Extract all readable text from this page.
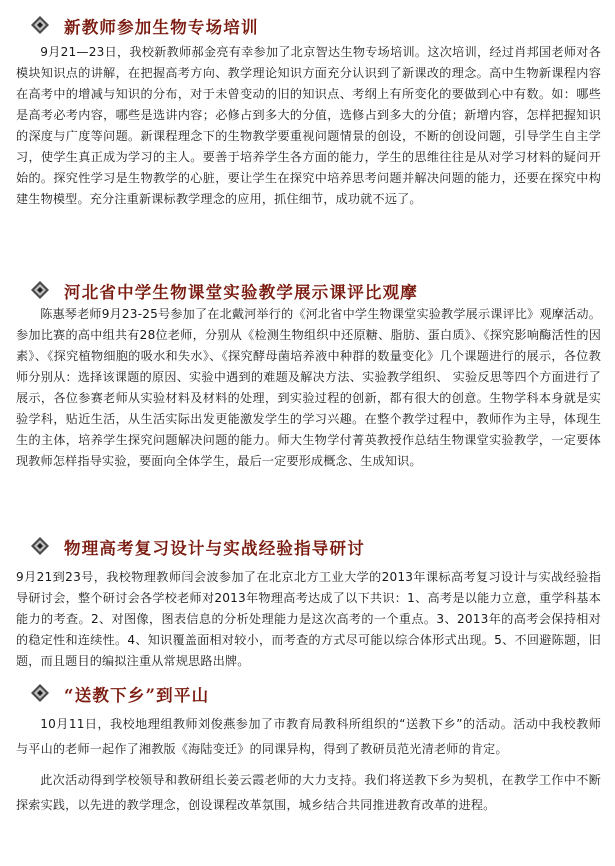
新教师参加生物专场培训

9月21—23日，我校新教师郝金亮有幸参加了北京智达生物专场培训。这次培训，经过肖邦国老师对各模块知识点的讲解，在把握高考方向、教学理论知识方面充分认识到了新课改的理念。高中生物新课程内容在高考中的增减与知识的分布，对于未曾变动的旧的知识点、考纲上有所变化的要做到心中有数。如：哪些是高考必考内容，哪些是选讲内容；必修占到多大的分值，选修占到多大的分值；新增内容，怎样把握知识的深度与广度等问题。新课程理念下的生物教学要重视问题情景的创设，不断的创设问题，引导学生自主学习，使学生真正成为学习的主人。要善于培养学生各方面的能力，学生的思维往往是从对学习材料的疑问开始的。探究性学习是生物教学的心脏，要让学生在探究中培养思考问题并解决问题的能力，还要在探究中构建生物模型。充分注重新课标教学理念的应用，抓住细节，成功就不远了。

河北省中学生物课堂实验教学展示课评比观摩

陈惠琴老师9月23-25号参加了在北戴河举行的《河北省中学生物课堂实验教学展示课评比》观摩活动。参加比赛的高中组共有28位老师，分别从《检测生物组织中还原糖、脂肪、蛋白质》、《探究影响酶活性的因素》、《探究植物细胞的吸水和失水》、《探究酵母菌培养液中种群的数量变化》几个课题进行的展示，各位教师分别从：选择该课题的原因、实验中遇到的难题及解决方法、实验教学组织、 实验反思等四个方面进行了展示，各位参赛老师从实验材料及材料的处理，到实验过程的创新，都有很大的创意。生物学科本身就是实验学科，贴近生活，从生活实际出发更能激发学生的学习兴趣。在整个教学过程中，教师作为主导，体现生生的主体，培养学生探究问题解决问题的能力。师大生物学付菁英教授作总结生物课堂实验教学，一定要体现教师怎样指导实验，要面向全体学生，最后一定要形成概念、生成知识。

物理高考复习设计与实战经验指导研讨

9月21到23号，我校物理教师闫会波参加了在北京北方工业大学的2013年课标高考复习设计与实战经验指导研讨会，整个研讨会各学校老师对2013年物理高考达成了以下共识：1、高考是以能力立意，重学科基本能力的考查。2、对图像，图表信息的分析处理能力是这次高考的一个重点。3、2013年的高考会保持相对的稳定性和连续性。4、知识覆盖面相对较小，而考查的方式尽可能以综合体形式出现。5、不回避陈题，旧题，而且题目的编拟注重从常规思路出牌。

“送教下乡”到平山

10月11日，我校地理组教师刘俊燕参加了市教育局教科所组织的“送教下乡”的活动。活动中我校教师与平山的老师一起作了湘教版《海陆变迁》的同课异构，得到了教研员范光清老师的肯定。

此次活动得到学校领导和教研组长姜云霞老师的大力支持。我们将送教下乡为契机，在教学工作中不断探索实践，以先进的教学理念，创设课程改革氛围，城乡结合共同推进教育改革的进程。
